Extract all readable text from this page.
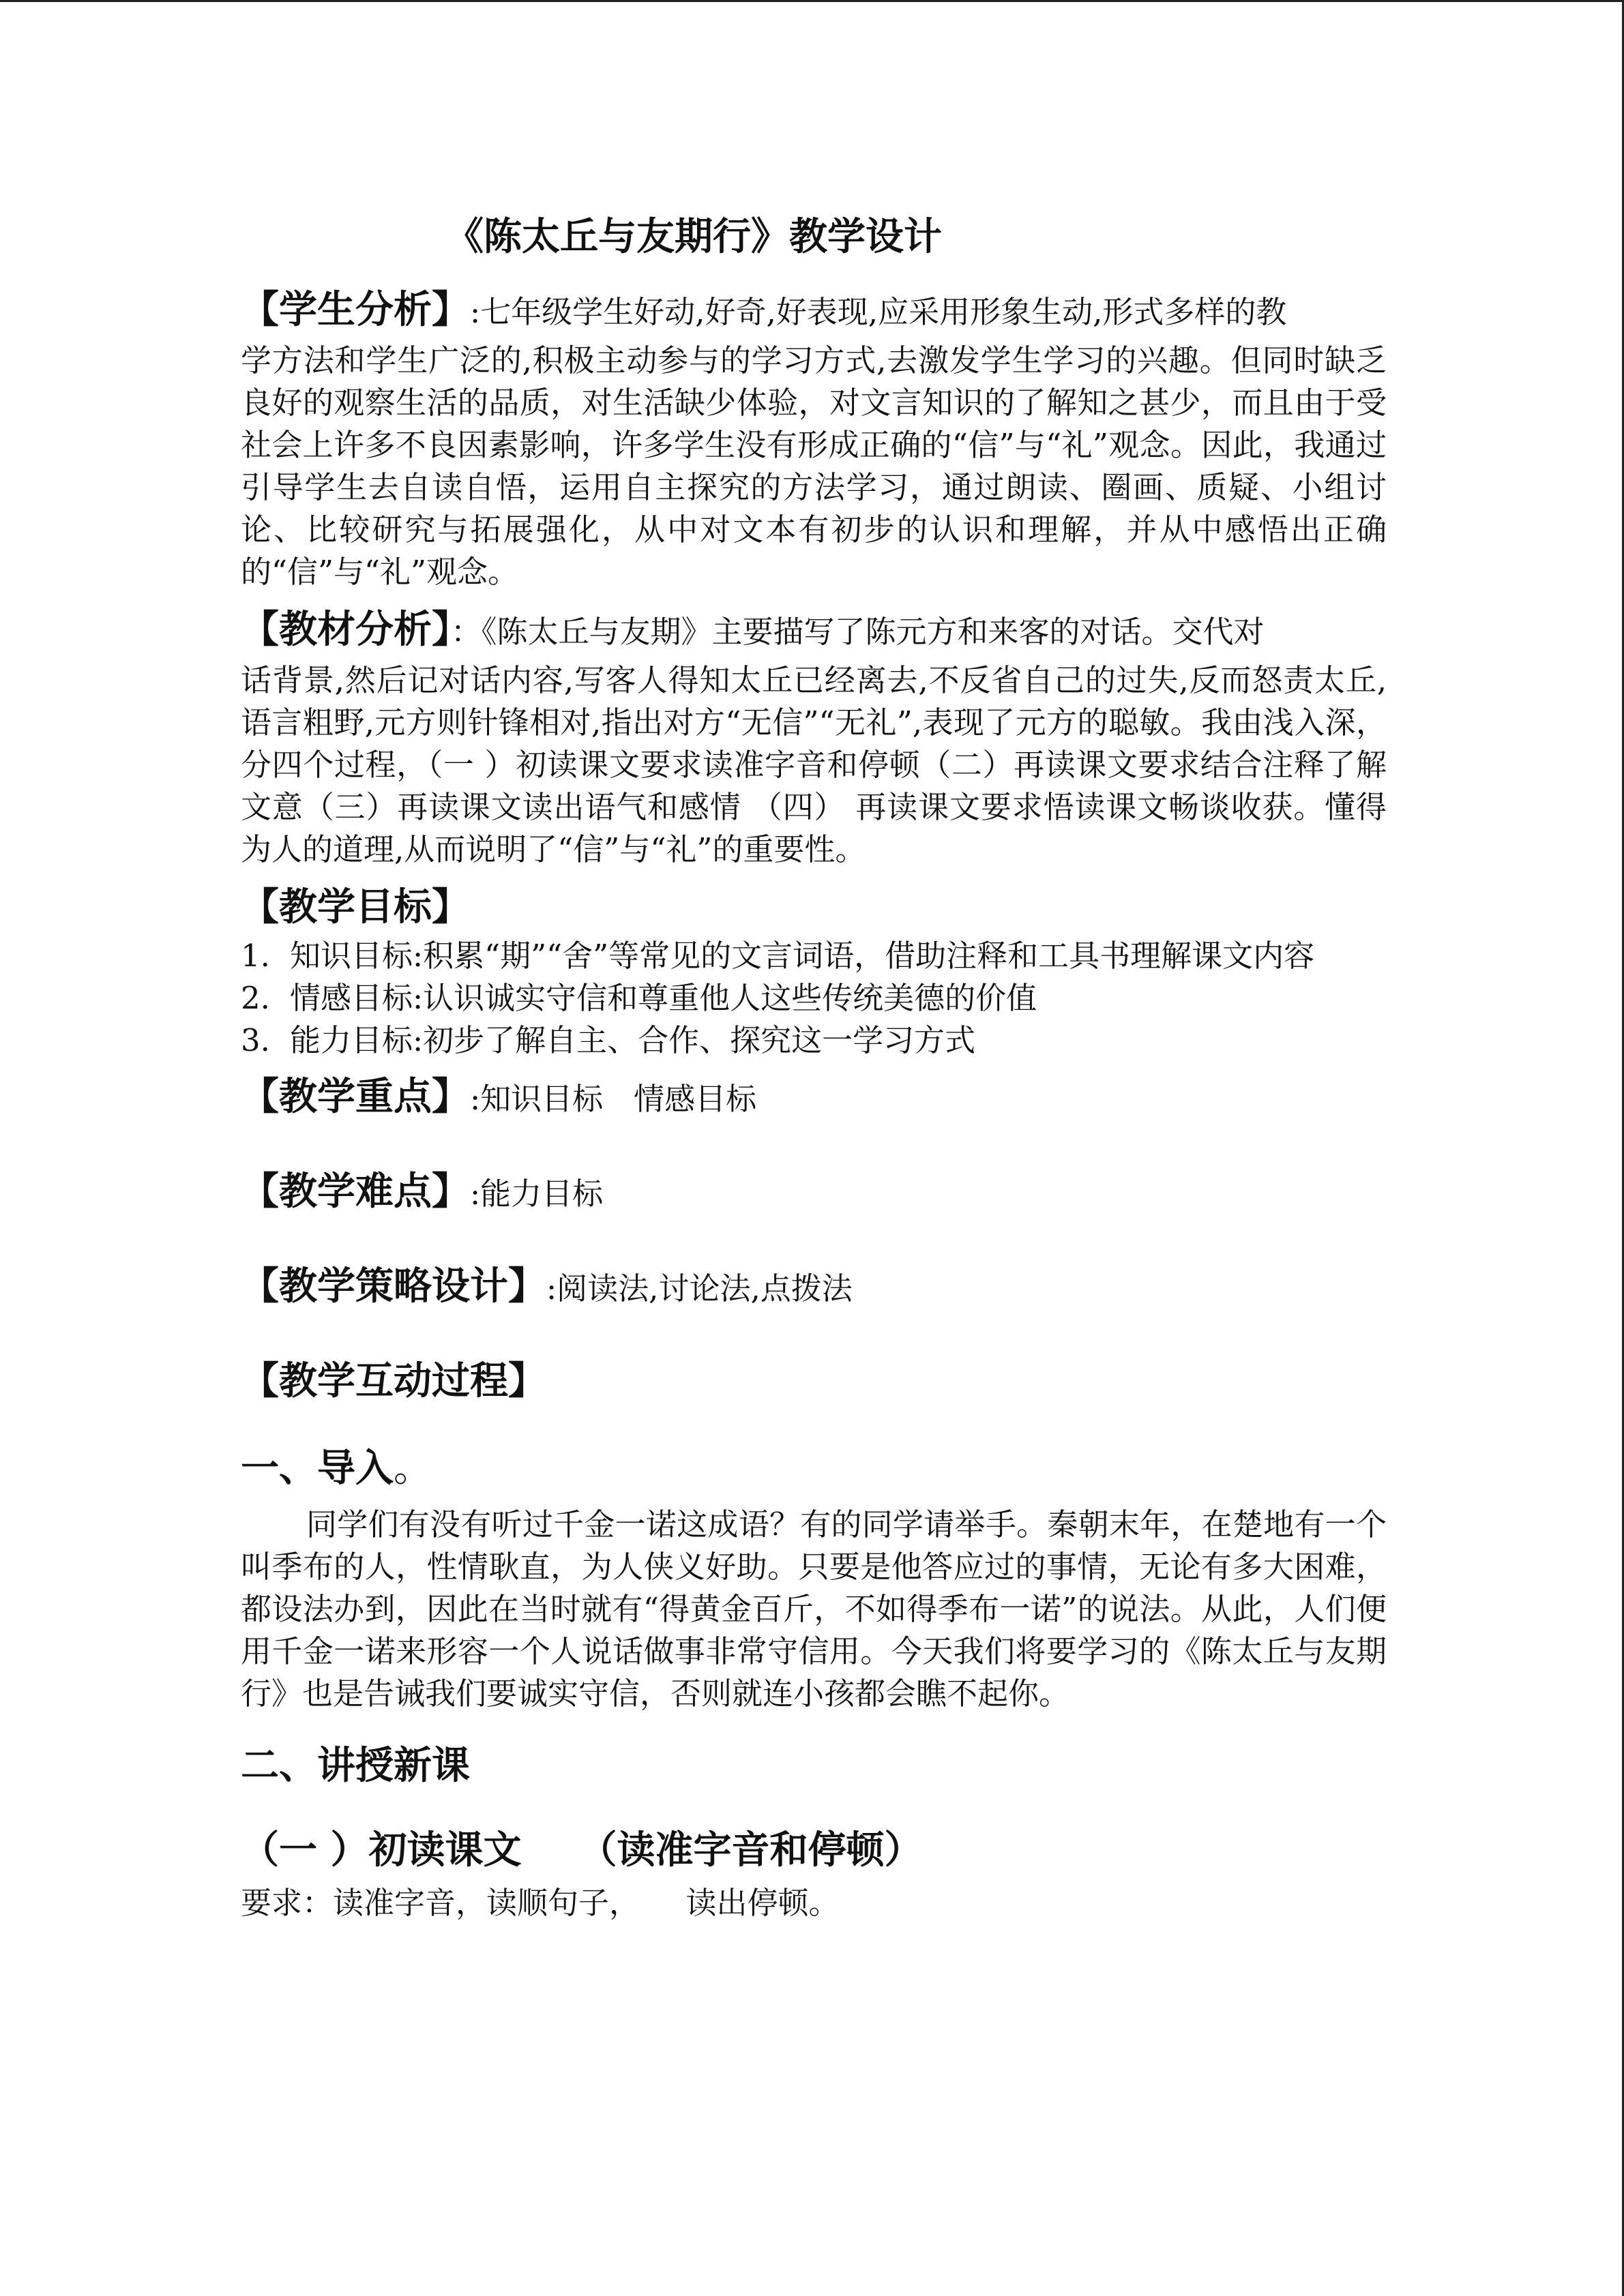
《陈太丘与友期行》教学设计

【学生分析】:七年级学生好动,好奇,好表现,应采用形象生动,形式多样的教

学方法和学生广泛的,积极主动参与的学习方式,去激发学生学习的兴趣。但同时缺乏良好的观察生活的品质，对生活缺少体验，对文言知识的了解知之甚少，而且由于受社会上许多不良因素影响，许多学生没有形成正确的“信”与“礼”观念。因此，我通过引导学生去自读自悟，运用自主探究的方法学习，通过朗读、圈画、质疑、小组讨论、比较研究与拓展强化，从中对文本有初步的认识和理解，并从中感悟出正确的“信”与“礼”观念。

【教材分析】：《陈太丘与友期》主要描写了陈元方和来客的对话。交代对

话背景,然后记对话内容,写客人得知太丘已经离去,不反省自己的过失,反而怒责太丘,语言粗野,元方则针锋相对,指出对方“无信”“无礼”,表现了元方的聪敏。我由浅入深，分四个过程，（一 ）初读课文要求读准字音和停顿（二）再读课文要求结合注释了解文意（三）再读课文读出语气和感情 （四） 再读课文要求悟读课文畅谈收获。懂得为人的道理,从而说明了“信”与“礼”的重要性。

【教学目标】
1. 知识目标:积累“期”“舍”等常见的文言词语，借助注释和工具书理解课文内容
2. 情感目标:认识诚实守信和尊重他人这些传统美德的价值
3. 能力目标:初步了解自主、合作、探究这一学习方式
【教学重点】:知识目标　情感目标
【教学难点】:能力目标
【教学策略设计】:阅读法,讨论法,点拨法
【教学互动过程】
一、导入。

同学们有没有听过千金一诺这成语？有的同学请举手。秦朝末年，在楚地有一个叫季布的人，性情耿直，为人侠义好助。只要是他答应过的事情，无论有多大困难，都设法办到，因此在当时就有“得黄金百斤，不如得季布一诺”的说法。从此，人们便用千金一诺来形容一个人说话做事非常守信用。今天我们将要学习的《陈太丘与友期行》也是告诫我们要诚实守信，否则就连小孩都会瞧不起你。

二、讲授新课
（一 ）初读课文　　（读准字音和停顿）

要求：读准字音，读顺句子，　　读出停顿。
